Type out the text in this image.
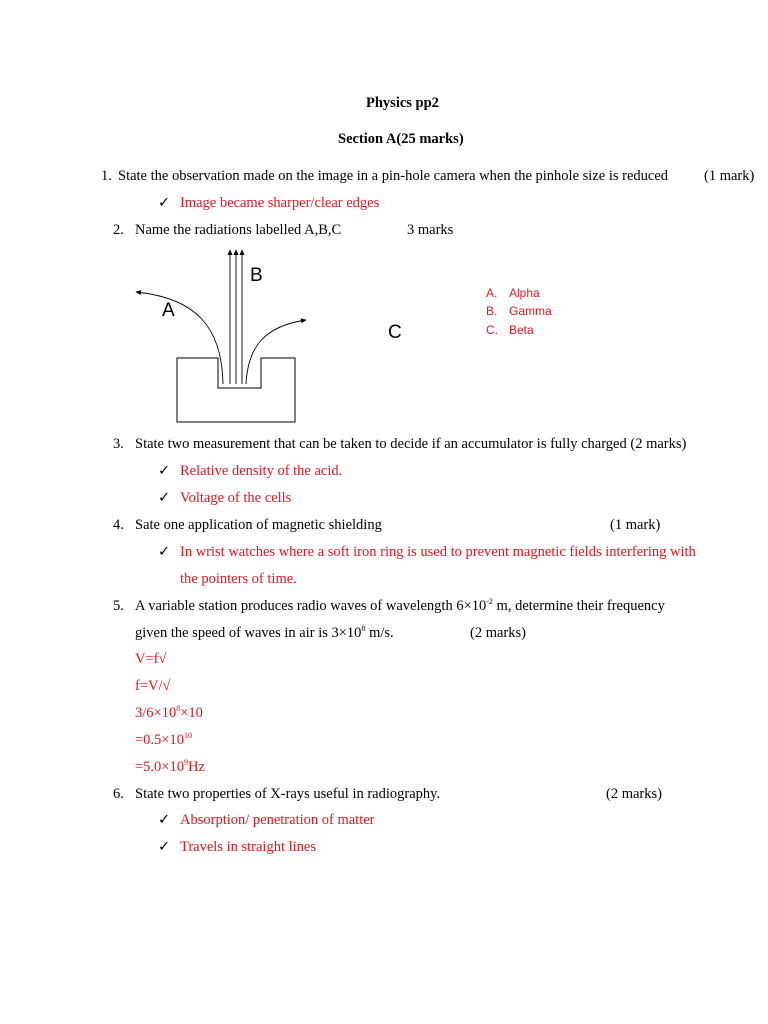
Physics pp2
Section A(25 marks)
1. State the observation made on the image in a pin-hole camera when the pinhole size is reduced (1 mark)
✓ Image became sharper/clear edges
2. Name the radiations labelled A,B,C	3 marks
A
B
C
A. Alpha
B. Gamma
C. Beta
3. State two measurement that can be taken to decide if an accumulator is fully charged (2 marks)
✓ Relative density of the acid.
✓ Voltage of the cells
4. Sate one application of magnetic shielding	(1 mark)
✓ In wrist watches where a soft iron ring is used to prevent magnetic fields interfering with
the pointers of time.
5. A variable station produces radio waves of wavelength $6\times 10^{-2}$ m, determine their frequency
given the speed of waves in air is $3\times 10^8$ m/s.	(2 marks)
V=f√
f=V/√
$3/6\times 10^8\times 10$
$=0.5\times 10^{10}$
$=5.0\times 10^9Hz$
6. State two properties of X-rays useful in radiography.	(2 marks)
✓ Absorption/ penetration of matter
✓ Travels in straight lines
